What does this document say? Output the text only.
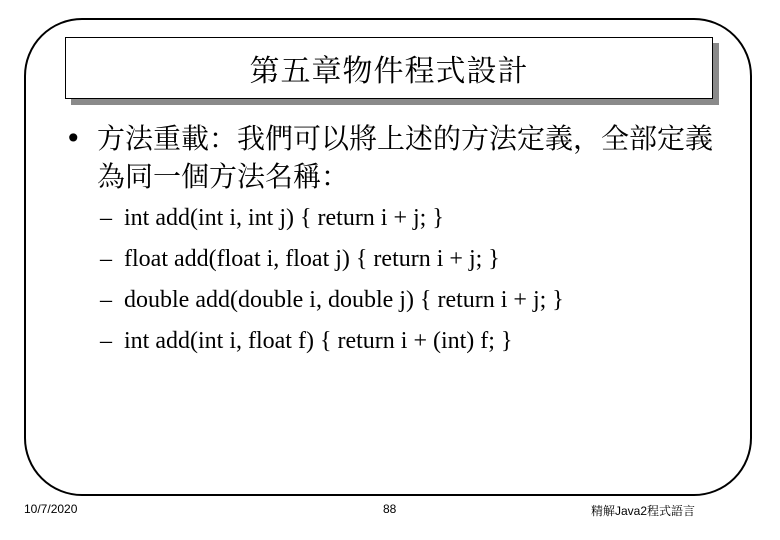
第五章物件程式設計
• 方法重載：我們可以將上述的方法定義，全部定義為同一個方法名稱：
– int add(int i, int j) { return i + j; }
– float add(float i, float j) { return i + j; }
– double add(double i, double j) { return i + j; }
– int add(int i, float f) { return i + (int) f; }
10/7/2020	88	精解Java2程式語言
